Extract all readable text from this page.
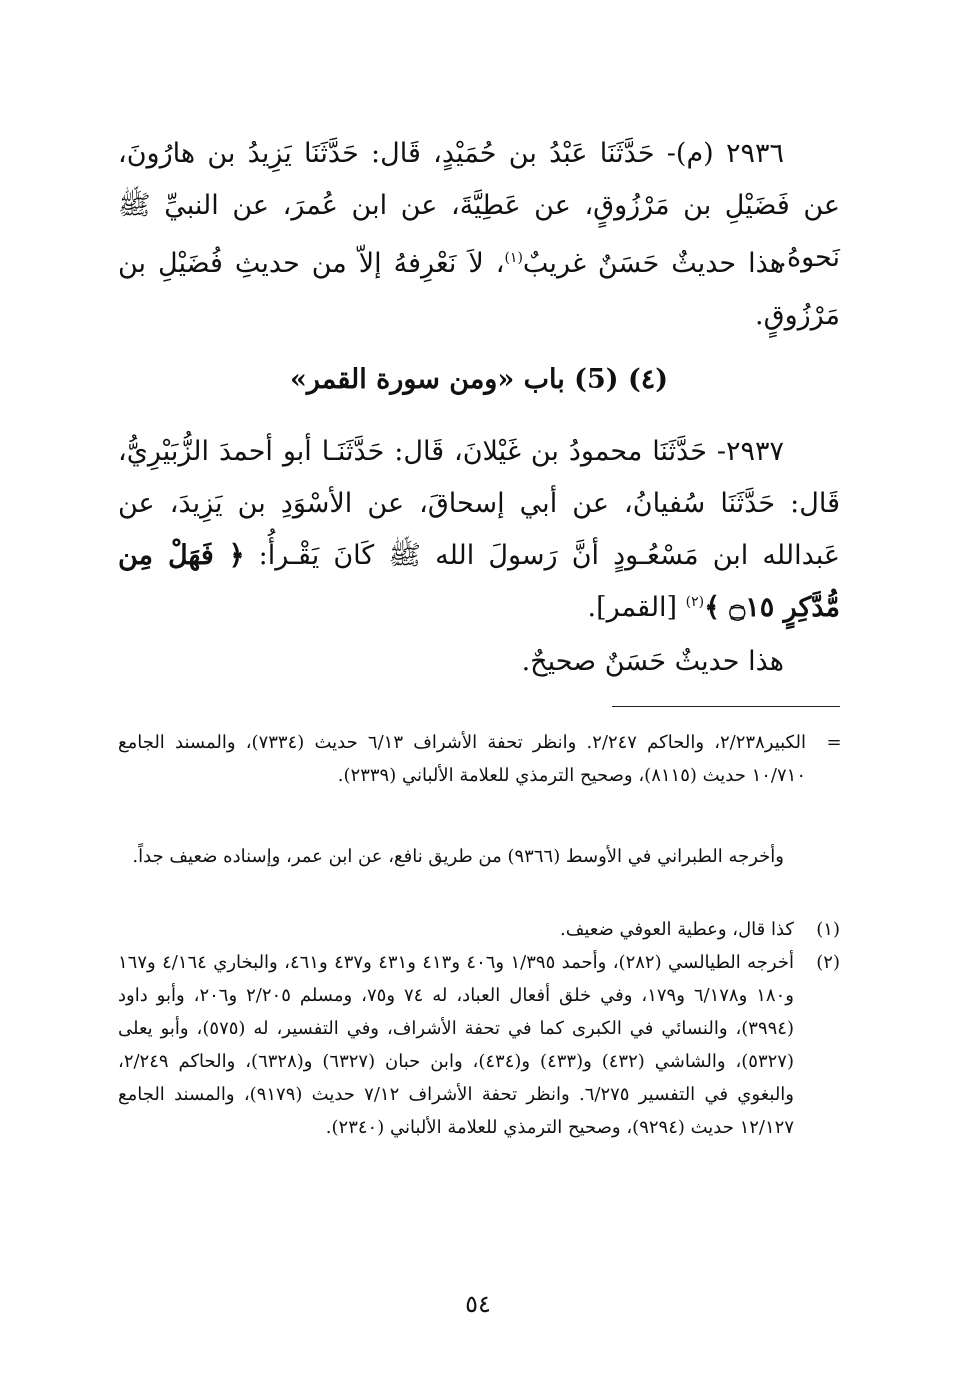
٢٩٣٦ (م)- حَدَّثَنَا عَبْدُ بن حُمَيْدٍ، قَال: حَدَّثَنَا يَزِيدُ بن هارُونَ، عن فَضَيْلِ بن مَرْزُوقٍ، عن عَطِيَّةَ، عن ابن عُمرَ، عن النبيِّ ﷺ نَحوهُ.

هذا حديثٌ حَسَنٌ غريبٌ$^{(١)}$، لاَ نَعْرِفهُ إلاّ من حديثِ فُضَيْلِ بن مَرْزُوقٍ.

(٤) (5) باب «ومن سورة القمر»

٢٩٣٧- حَدَّثَنَا محمودُ بن غَيْلانَ، قَال: حَدَّثَنَـا أبو أحمدَ الزُّبَيْرِيُّ، قَال: حَدَّثَنَا سُفيانُ، عن أبي إسحاقَ، عن الأسْوَدِ بن يَزِيدَ، عن عَبدالله ابن مَسْعُـودٍ أنَّ رَسولَ الله ﷺ كَانَ يَقْـرأُ: ﴿ فَهَلْ مِن مُّدَّكِرٍ ۝١٥ ﴾$^{(٢)}$ [القمر].

هذا حديثٌ حَسَنٌ صحيحٌ.

=
الكبير٢/٢٣٨، والحاكم ٢/٢٤٧. وانظر تحفة الأشراف ٦/١٣ حديث (٧٣٣٤)، والمسند الجامع ١٠/٧١٠ حديث (٨١١٥)، وصحيح الترمذي للعلامة الألباني (٢٣٣٩).
وأخرجه الطبراني في الأوسط (٩٣٦٦) من طريق نافع، عن ابن عمر، وإسناده ضعيف جداً.
(١)
كذا قال، وعطية العوفي ضعيف.
(٢)
أخرجه الطيالسي (٢٨٢)، وأحمد ١/٣٩٥ و٤٠٦ و٤١٣ و٤٣١ و٤٣٧ و٤٦١، والبخاري ٤/١٦٤ و١٦٧ و١٨٠ و٦/١٧٨ و١٧٩، وفي خلق أفعال العباد، له ٧٤ و٧٥، ومسلم ٢/٢٠٥ و٢٠٦، وأبو داود (٣٩٩٤)، والنسائي في الكبرى كما في تحفة الأشراف، وفي التفسير، له (٥٧٥)، وأبو يعلى (٥٣٢٧)، والشاشي (٤٣٢) و(٤٣٣) و(٤٣٤)، وابن حبان (٦٣٢٧) و(٦٣٢٨)، والحاكم ٢/٢٤٩، والبغوي في التفسير ٦/٢٧٥. وانظر تحفة الأشراف ٧/١٢ حديث (٩١٧٩)، والمسند الجامع ١٢/١٢٧ حديث (٩٢٩٤)، وصحيح الترمذي للعلامة الألباني (٢٣٤٠).
٥٤
